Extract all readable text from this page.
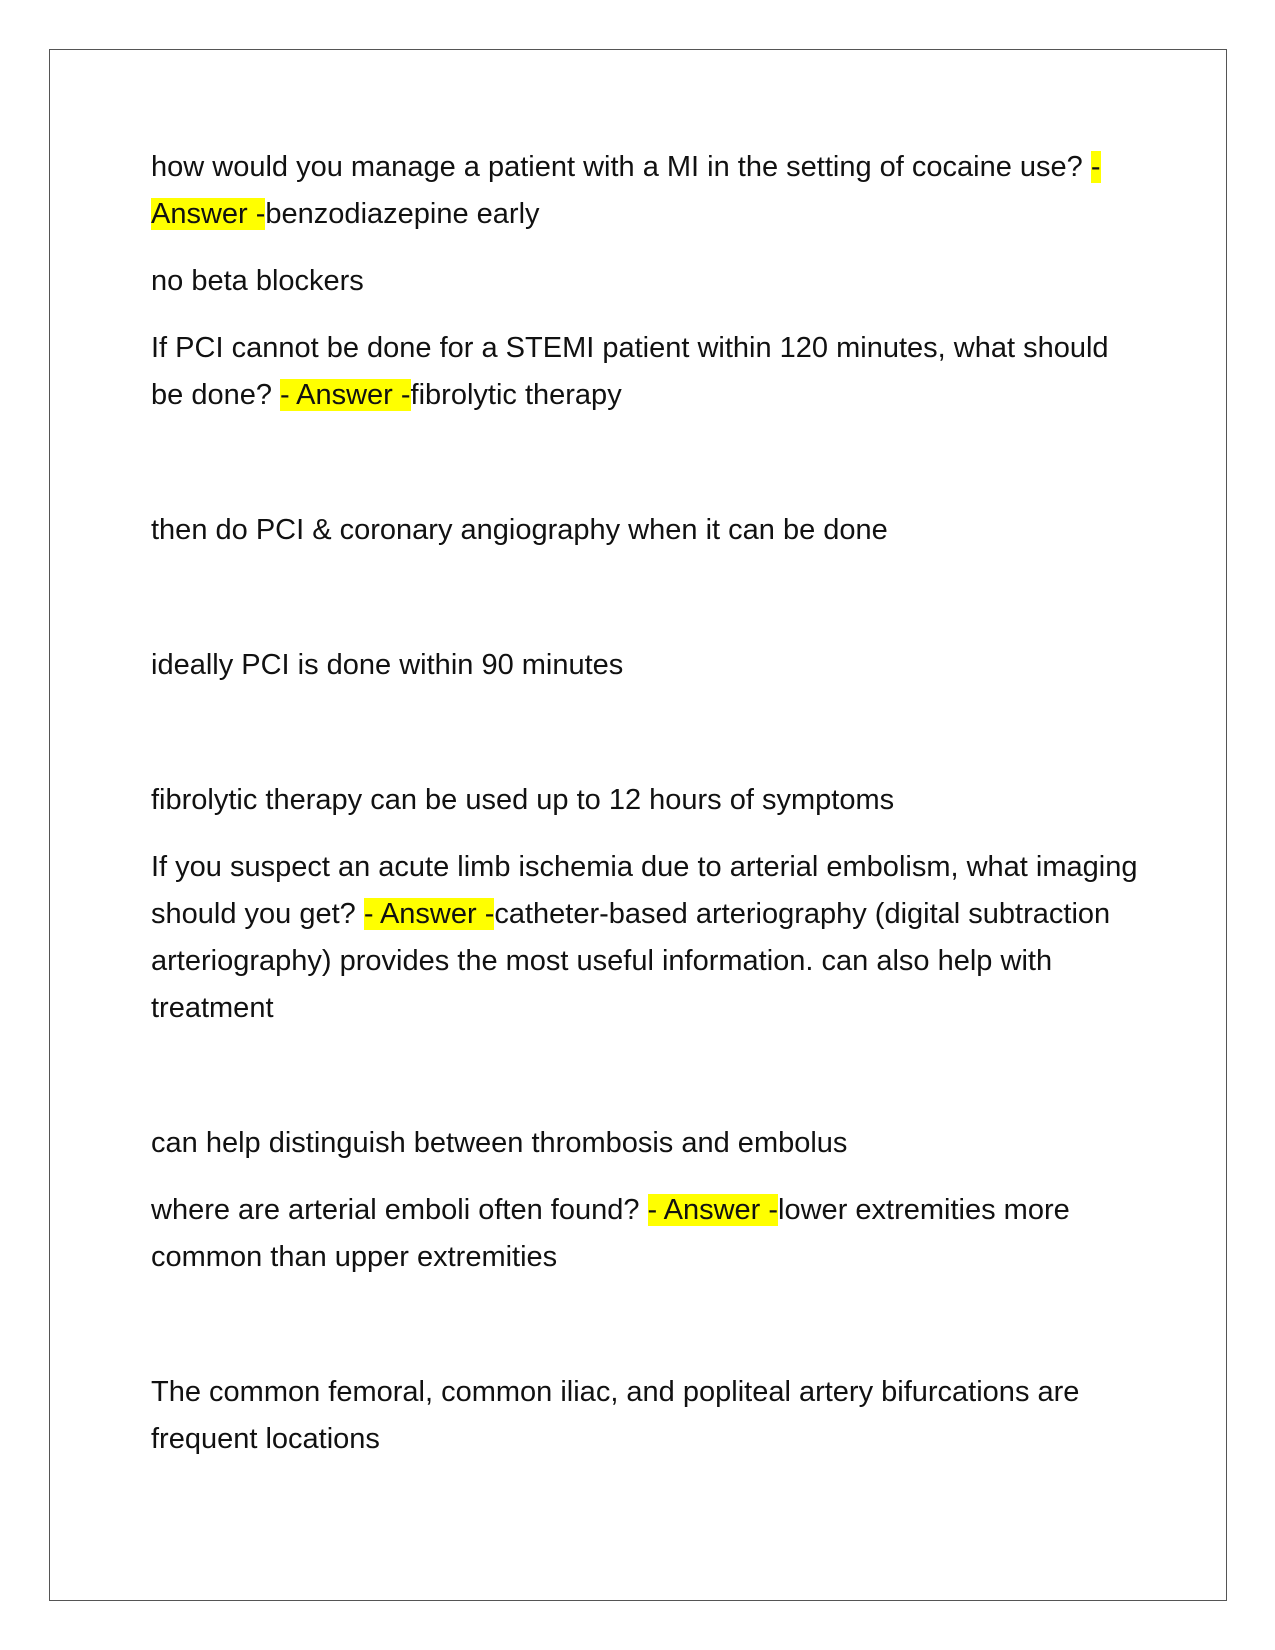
how would you manage a patient with a MI in the setting of cocaine use? - Answer -benzodiazepine early

no beta blockers

If PCI cannot be done for a STEMI patient within 120 minutes, what should be done? - Answer -fibrolytic therapy

then do PCI & coronary angiography when it can be done

ideally PCI is done within 90 minutes

fibrolytic therapy can be used up to 12 hours of symptoms

If you suspect an acute limb ischemia due to arterial embolism, what imaging should you get? - Answer -catheter-based arteriography (digital subtraction arteriography) provides the most useful information. can also help with treatment

can help distinguish between thrombosis and embolus

where are arterial emboli often found? - Answer -lower extremities more common than upper extremities

The common femoral, common iliac, and popliteal artery bifurcations are frequent locations
